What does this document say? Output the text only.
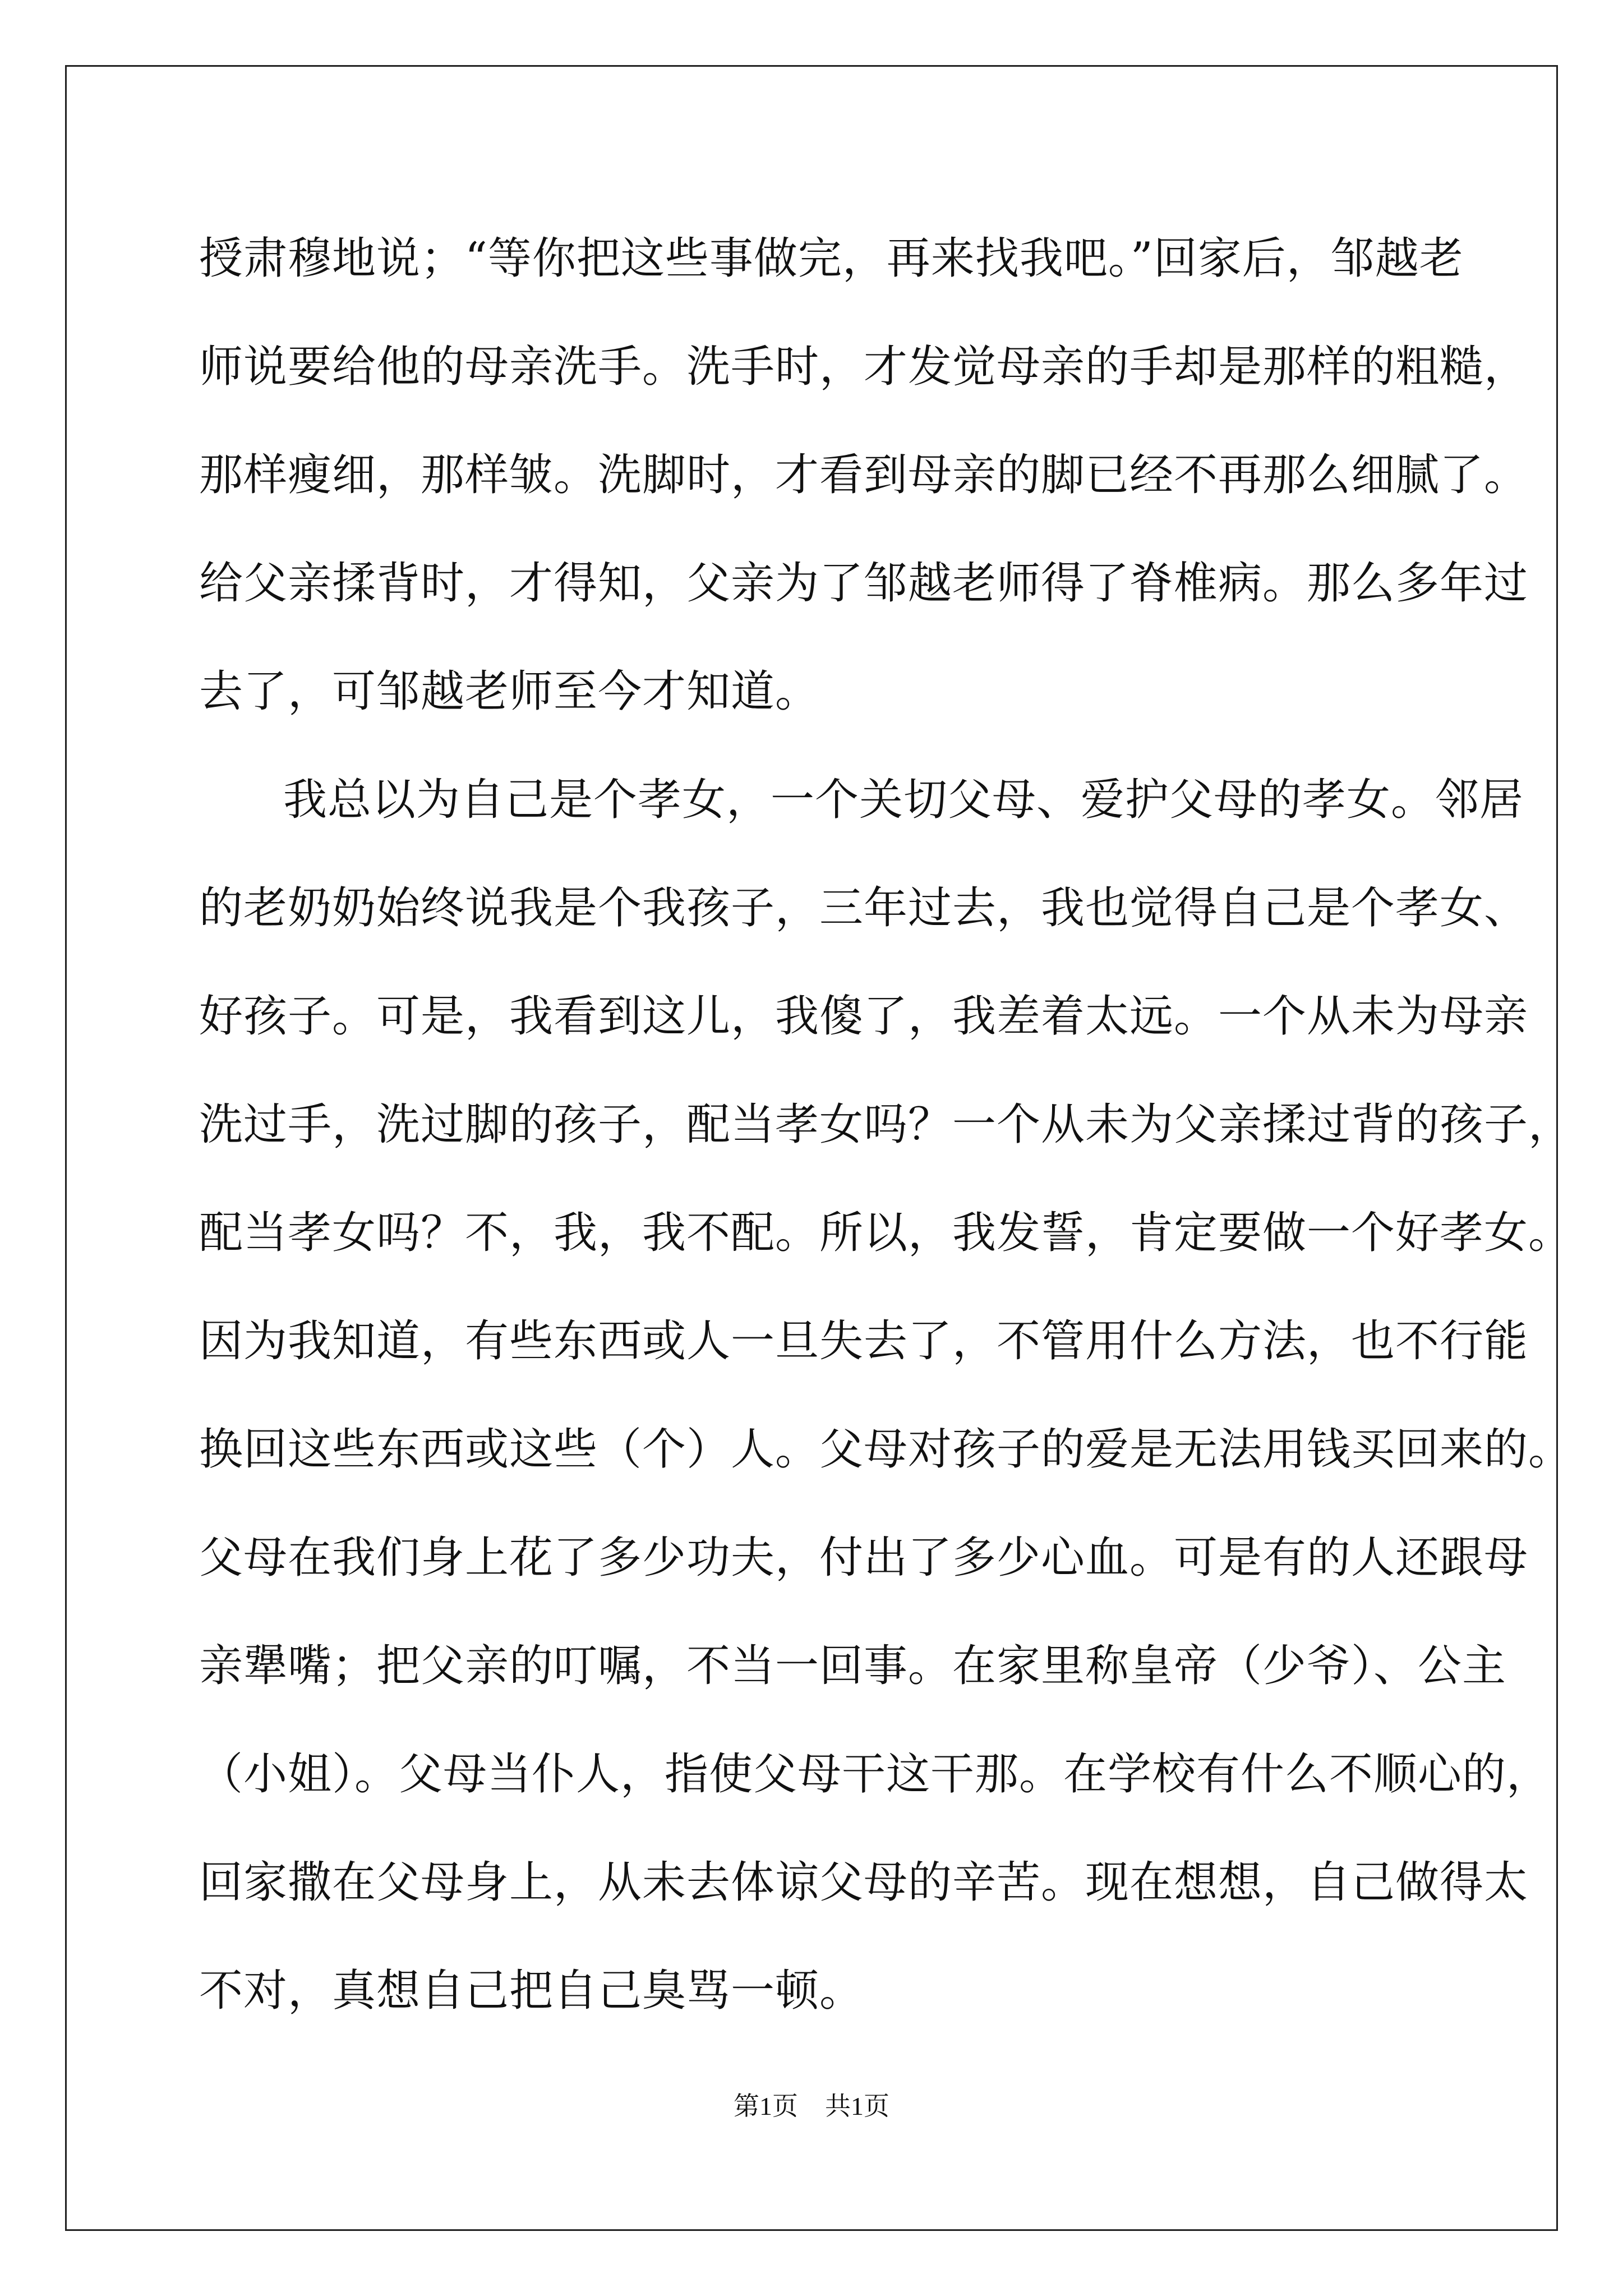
授肃穆地说；“等你把这些事做完，再来找我吧。”回家后，邹越老
师说要给他的母亲洗手。洗手时，才发觉母亲的手却是那样的粗糙，
那样瘦细，那样皱。洗脚时，才看到母亲的脚已经不再那么细腻了。
给父亲揉背时，才得知，父亲为了邹越老师得了脊椎病。那么多年过
去了，可邹越老师至今才知道。
我总以为自己是个孝女，一个关切父母、爱护父母的孝女。邻居
的老奶奶始终说我是个我孩子，三年过去，我也觉得自己是个孝女、
好孩子。可是，我看到这儿，我傻了，我差着太远。一个从未为母亲
洗过手，洗过脚的孩子，配当孝女吗？一个从未为父亲揉过背的孩子，
配当孝女吗？不，我，我不配。所以，我发誓，肯定要做一个好孝女。
因为我知道，有些东西或人一旦失去了，不管用什么方法，也不行能
换回这些东西或这些（个）人。父母对孩子的爱是无法用钱买回来的。
父母在我们身上花了多少功夫，付出了多少心血。可是有的人还跟母
亲犟嘴；把父亲的叮嘱，不当一回事。在家里称皇帝（少爷）、公主
（小姐）。父母当仆人，指使父母干这干那。在学校有什么不顺心的，
回家撒在父母身上，从未去体谅父母的辛苦。现在想想，自己做得太
不对，真想自己把自己臭骂一顿。
第1页 共1页
